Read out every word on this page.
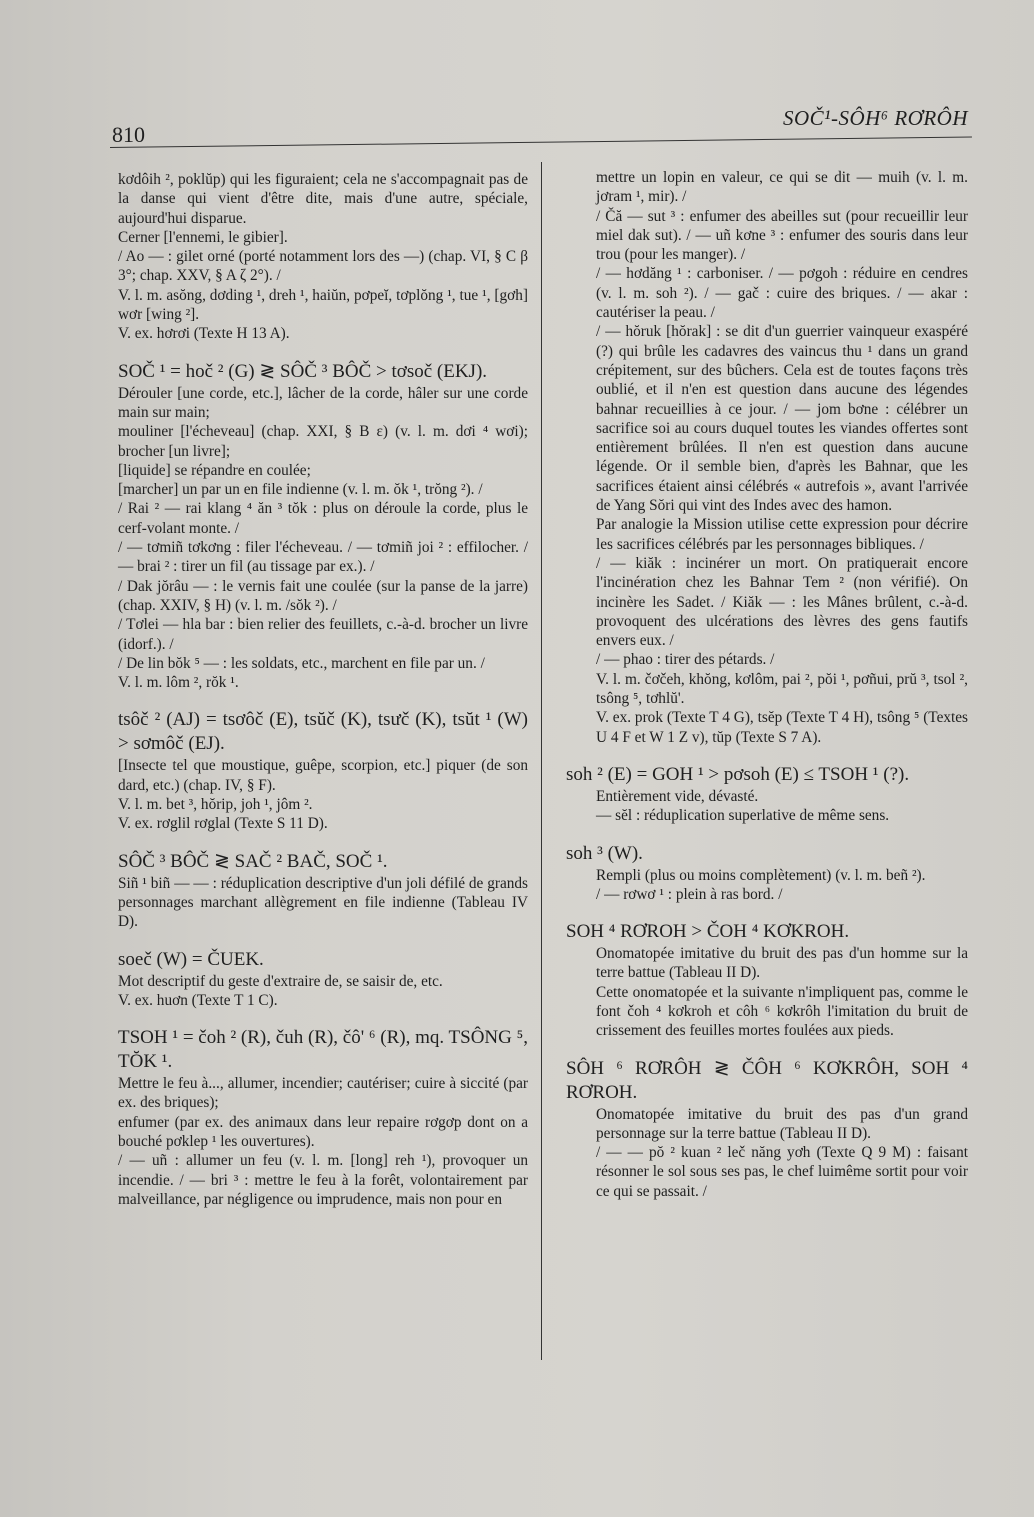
810
SOČ¹-SÔH⁶ RƠRÔH

kơdôih ², poklŭp) qui les figuraient; cela ne s'accompagnait pas de la danse qui vient d'être dite, mais d'une autre, spéciale, aujourd'hui disparue.

Cerner [l'ennemi, le gibier].

/ Ao — : gilet orné (porté notamment lors des —) (chap. VI, § C β 3°; chap. XXV, § A ζ 2°). /

V. l. m. asŏng, dơding ¹, dreh ¹, haiŭn, pơpeĭ, tơplŏng ¹, tue ¹, [gơh] wơr [wing ²].

V. ex. hơrơi (Texte H 13 A).

SOČ ¹ = hoč ² (G) ≷ SÔČ ³ BÔČ > tơsoč (EKJ).

Dérouler [une corde, etc.], lâcher de la corde, hâler sur une corde main sur main;

mouliner [l'écheveau] (chap. XXI, § B ε) (v. l. m. dơi ⁴ wơi); brocher [un livre];

[liquide] se répandre en coulée;

[marcher] un par un en file indienne (v. l. m. ŏk ¹, trŏng ²). /

/ Rai ² — rai klang ⁴ ăn ³ tŏk : plus on déroule la corde, plus le cerf-volant monte. /

/ — tơmiñ tơkơng : filer l'écheveau. / — tơmiñ joi ² : effilocher. / — brai ² : tirer un fil (au tissage par ex.). /

/ Dak jŏrâu — : le vernis fait une coulée (sur la panse de la jarre) (chap. XXIV, § H) (v. l. m. /sŏk ²). /

/ Tơlei — hla bar : bien relier des feuillets, c.-à-d. brocher un livre (idorf.). /

/ De lin bŏk ⁵ — : les soldats, etc., marchent en file par un. /

V. l. m. lôm ², rŏk ¹.

tsôč ² (AJ) = tsơôč (E), tsŭč (K), tsưč (K), tsŭt ¹ (W) > sơmôč (EJ).

[Insecte tel que moustique, guêpe, scorpion, etc.] piquer (de son dard, etc.) (chap. IV, § F).

V. l. m. bet ³, hŏrip, joh ¹, jôm ².

V. ex. rơglil rơglal (Texte S 11 D).

SÔČ ³ BÔČ ≷ SAČ ² BAČ, SOČ ¹.

Siñ ¹ biñ — — : réduplication descriptive d'un joli défilé de grands personnages marchant allègrement en file indienne (Tableau IV D).

soeč (W) = ČUEK.

Mot descriptif du geste d'extraire de, se saisir de, etc.

V. ex. huơn (Texte T 1 C).

TSOH ¹ = čoh ² (R), čuh (R), čô' ⁶ (R), mq. TSÔNG ⁵, TŎK ¹.

Mettre le feu à..., allumer, incendier; cautériser; cuire à siccité (par ex. des briques);

enfumer (par ex. des animaux dans leur repaire rơgơp dont on a bouché pơklep ¹ les ouvertures).

/ — uñ : allumer un feu (v. l. m. [long] reh ¹), provoquer un incendie. / — bri ³ : mettre le feu à la forêt, volontairement par malveillance, par négligence ou imprudence, mais non pour en

mettre un lopin en valeur, ce qui se dit — muih (v. l. m. jơram ¹, mir). /

/ Čă — sut ³ : enfumer des abeilles sut (pour recueillir leur miel dak sut). / — uñ kơne ³ : enfumer des souris dans leur trou (pour les manger). /

/ — hơdăng ¹ : carboniser. / — pơgoh : réduire en cendres (v. l. m. soh ²). / — gač : cuire des briques. / — akar : cautériser la peau. /

/ — hŏruk [hŏrak] : se dit d'un guerrier vainqueur exaspéré (?) qui brûle les cadavres des vaincus thu ¹ dans un grand crépitement, sur des bûchers. Cela est de toutes façons très oublié, et il n'en est question dans aucune des légendes bahnar recueillies à ce jour. / — jom bơne : célébrer un sacrifice soi au cours duquel toutes les viandes offertes sont entièrement brûlées. Il n'en est question dans aucune légende. Or il semble bien, d'après les Bahnar, que les sacrifices étaient ainsi célébrés « autrefois », avant l'arrivée de Yang Sŏri qui vint des Indes avec des hamon.

Par analogie la Mission utilise cette expression pour décrire les sacrifices célébrés par les personnages bibliques. /

/ — kiăk : incinérer un mort. On pratiquerait encore l'incinération chez les Bahnar Tem ² (non vérifié). On incinère les Sadet. / Kiăk — : les Mânes brûlent, c.-à-d. provoquent des ulcérations des lèvres des gens fautifs envers eux. /

/ — phao : tirer des pétards. /

V. l. m. čơčeh, khŏng, kơlôm, pai ², pŏi ¹, pơñui, prŭ ³, tsol ², tsông ⁵, tơhlŭ'.

V. ex. prok (Texte T 4 G), tsĕp (Texte T 4 H), tsông ⁵ (Textes U 4 F et W 1 Z v), tŭp (Texte S 7 A).

soh ² (E) = GOH ¹ > pơsoh (E) ≤ TSOH ¹ (?).

Entièrement vide, dévasté.

— sĕl : réduplication superlative de même sens.

soh ³ (W).

Rempli (plus ou moins complètement) (v. l. m. beñ ²).

/ — rơwơ ¹ : plein à ras bord. /

SOH ⁴ RƠROH > ČOH ⁴ KƠKROH.

Onomatopée imitative du bruit des pas d'un homme sur la terre battue (Tableau II D).

Cette onomatopée et la suivante n'impliquent pas, comme le font čoh ⁴ kơkroh et côh ⁶ kơkrôh l'imitation du bruit de crissement des feuilles mortes foulées aux pieds.

SÔH ⁶ RƠRÔH ≷ ČÔH ⁶ KƠKRÔH, SOH ⁴ RƠROH.

Onomatopée imitative du bruit des pas d'un grand personnage sur la terre battue (Tableau II D).

/ — — pŏ ² kuan ² leč năng yơh (Texte Q 9 M) : faisant résonner le sol sous ses pas, le chef luimême sortit pour voir ce qui se passait. /
